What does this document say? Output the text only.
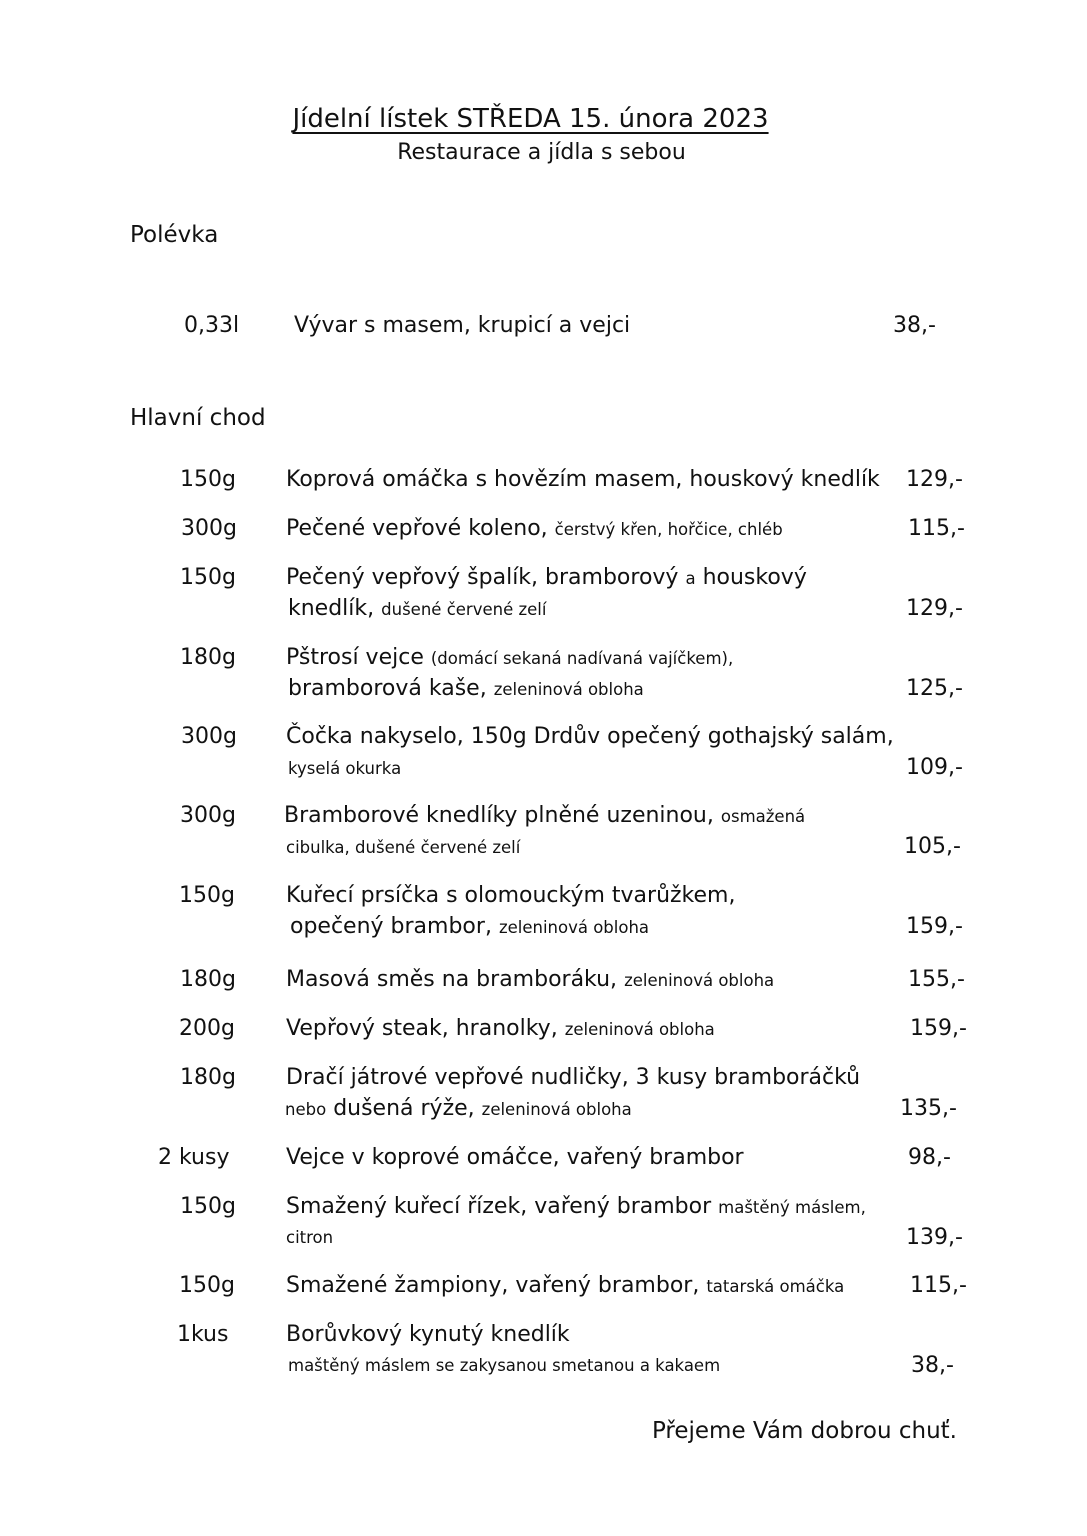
Jídelní lístek STŘEDA 15. února 2023
Restaurace a jídla s sebou
Polévka
0,33l Vývar s masem, krupicí a vejci	38,-
Hlavní chod
150g Koprová omáčka s hovězím masem, houskový knedlík 129,-
300g Pečené vepřové koleno, čerstvý křen, hořčice, chléb	115,-
150g Pečený vepřový špalík, bramborový a houskový
knedlík, dušené červené zelí	129,-
180g Pštrosí vejce (domácí sekaná nadívaná vajíčkem),
bramborová kaše, zeleninová obloha	125,-
300g Čočka nakyselo, 150g Drdův opečený gothajský salám,
kyselá okurka	109,-
300g Bramborové knedlíky plněné uzeninou, osmažená
cibulka, dušené červené zelí	105,-
150g Kuřecí prsíčka s olomouckým tvarůžkem,
opečený brambor, zeleninová obloha	159,-
180g Masová směs na bramboráku, zeleninová obloha	155,-
200g Vepřový steak, hranolky, zeleninová obloha	159,-
180g Dračí játrové vepřové nudličky, 3 kusy bramboráčků
nebo dušená rýže, zeleninová obloha	135,-
2 kusy	Vejce v koprové omáčce, vařený brambor	98,-
150g Smažený kuřecí řízek, vařený brambor maštěný máslem,
citron	139,-
150g Smažené žampiony, vařený brambor, tatarská omáčka	115,-
1kus	Borůvkový kynutý knedlík
maštěný máslem se zakysanou smetanou a kakaem	38,-
Přejeme Vám dobrou chuť.
